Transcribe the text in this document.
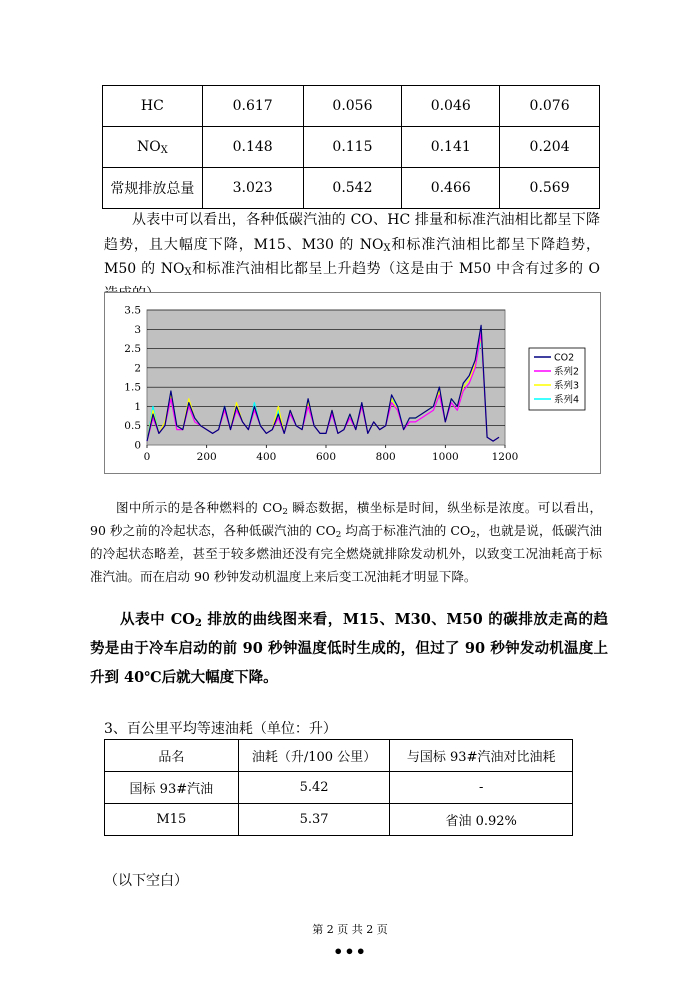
HC	0.617	0.056	0.046	0.076
$NO_X$	0.148	0.115	0.141	0.204
常规排放总量	3.023	0.542	0.466	0.569

从表中可以看出，各种低碳汽油的 CO、HC 排量和标准汽油相比都呈下降趋势，且大幅度下降，M15、M30 的 $NO_X$和标准汽油相比都呈下降趋势，M50 的 $NO_X$和标准汽油相比都呈上升趋势（这是由于 M50 中含有过多的 O

0
0.5
1
1.5
2
2.5
3
3.5
0	200	400	600	800	1000	1200
CO2
系列2
系列3
系列4

图中所示的是各种燃料的 $CO_2$ 瞬态数据，横坐标是时间，纵坐标是浓度。可以看出，90 秒之前的冷起状态，各种低碳汽油的 $CO_2$ 均高于标准汽油的 $CO_2$，也就是说，低碳汽油的冷起状态略差，甚至于较多燃油还没有完全燃烧就排除发动机外，以致变工况油耗高于标准汽油。而在启动 90 秒钟发动机温度上来后变工况油耗才明显下降。

从表中 $CO_2$ 排放的曲线图来看，M15、M30、M50 的碳排放走高的趋势是由于冷车启动的前 90 秒钟温度低时生成的，但过了 90 秒钟发动机温度上升到 40℃后就大幅度下降。

3、百公里平均等速油耗（单位：升）

品名	油耗（升/100 公里）	与国标 93#汽油对比油耗
国标 93#汽油	5.42	-
M15	5.37	省油 0.92%

（以下空白）

第 2 页 共 2 页

•••
